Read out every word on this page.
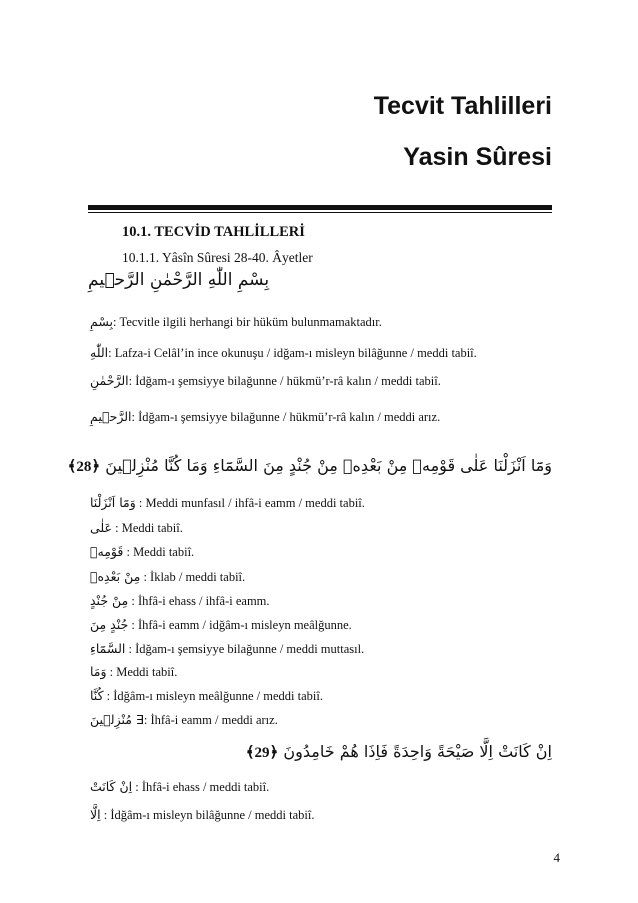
Tecvit Tahlilleri
Yasin Sûresi
10.1. TECVİD TAHLİLLERİ
10.1.1. Yâsîn Sûresi 28-40. Âyetler
بِسْمِ اللّٰهِ الرَّحْمٰنِ الرَّح۪يمِ
بِسْمِ: Tecvitle ilgili herhangi bir hüküm bulunmamaktadır.
اللّٰهِ: Lafza-i Celâl’in ince okunuşu / idğam-ı misleyn bilâğunne / meddi tabiî.
الرَّحْمٰنِ: İdğam-ı şemsiyye bilağunne / hükmü’r-râ kalın / meddi tabiî.
الرَّح۪يمِ: İdğam-ı şemsiyye bilağunne / hükmü’r-râ kalın / meddi arız.
وَمَٓا اَنْزَلْنَا عَلٰى قَوْمِه۪ مِنْ بَعْدِه۪ مِنْ جُنْدٍ مِنَ السَّمَٓاءِ وَمَا كُنَّا مُنْزِل۪ينَ ﴿28﴾
وَمَٓا اَنْزَلْنَا : Meddi munfasıl / ihfâ-i eamm / meddi tabiî.
عَلٰى : Meddi tabiî.
قَوْمِه۪ : Meddi tabiî.
مِنْ بَعْدِه۪ : İklab / meddi tabiî.
مِنْ جُنْدٍ : İhfâ-i ehass / ihfâ-i eamm.
جُنْدٍ مِنَ : İhfâ-i eamm / idğâm-ı misleyn meâlğunne.
السَّمَٓاءِ : İdğam-ı şemsiyye bilağunne / meddi muttasıl.
وَمَا : Meddi tabiî.
كُنَّا : İdğâm-ı misleyn meâlğunne / meddi tabiî.
∃ مُنْزِل۪ينَ: İhfâ-i eamm / meddi arız.
اِنْ كَانَتْ اِلَّا صَيْحَةً وَاحِدَةً فَاِذَا هُمْ خَامِدُونَ ﴿29﴾
اِنْ كَانَتْ : İhfâ-i ehass / meddi tabiî.
اِلَّا : İdğâm-ı misleyn bilâğunne / meddi tabiî.
4
